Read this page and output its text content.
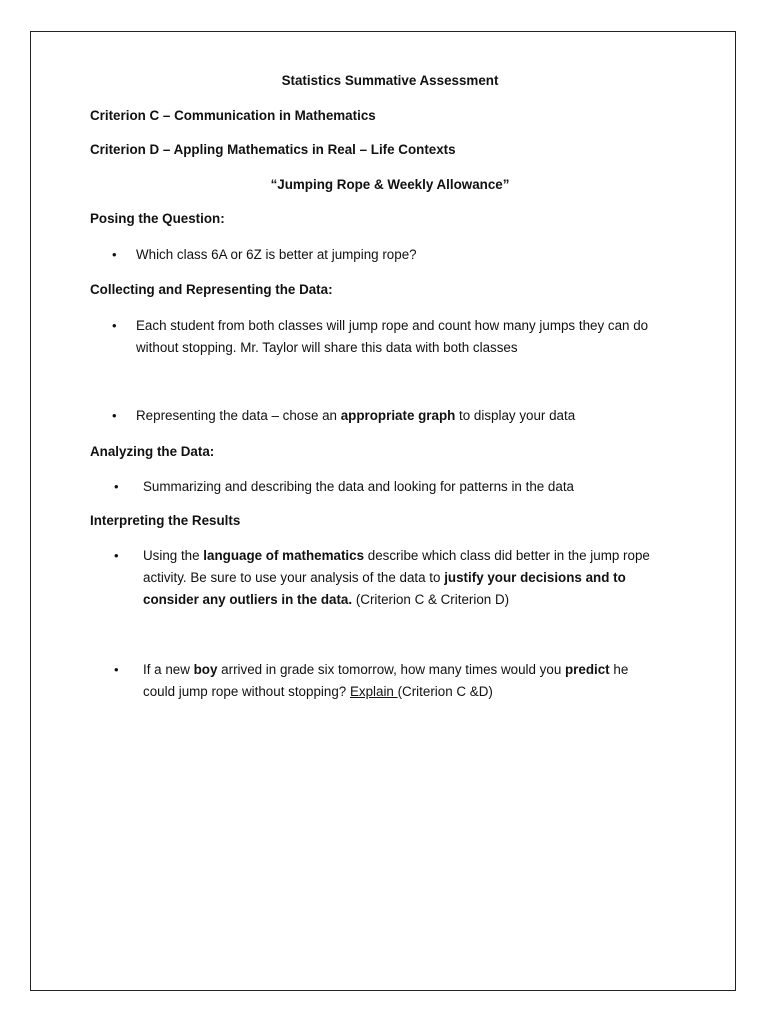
Statistics Summative Assessment
Criterion C – Communication in Mathematics
Criterion D – Appling Mathematics in Real – Life Contexts
“Jumping Rope & Weekly Allowance”
Posing the Question:
• Which class 6A or 6Z is better at jumping rope?
Collecting and Representing the Data:
• Each student from both classes will jump rope and count how many jumps they can do
without stopping. Mr. Taylor will share this data with both classes
• Representing the data – chose an appropriate graph to display your data
Analyzing the Data:
• Summarizing and describing the data and looking for patterns in the data
Interpreting the Results
• Using the language of mathematics describe which class did better in the jump rope
activity. Be sure to use your analysis of the data to justify your decisions and to
consider any outliers in the data. (Criterion C & Criterion D)
• If a new boy arrived in grade six tomorrow, how many times would you predict he
could jump rope without stopping? Explain (Criterion C &D)
